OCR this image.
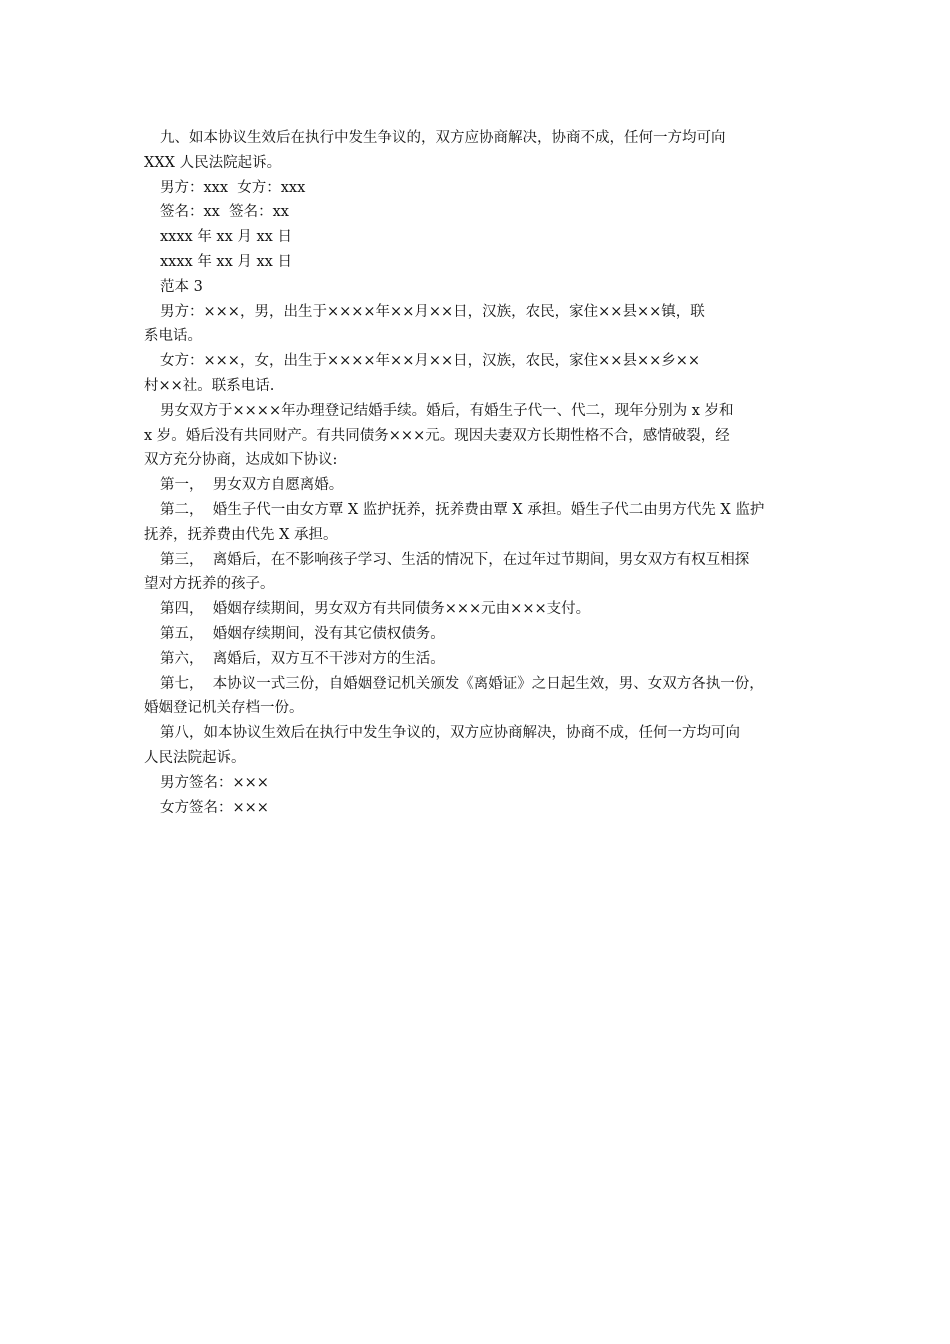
九、如本协议生效后在执行中发生争议的，双方应协商解决，协商不成，任何一方均可向
XXX 人民法院起诉。
男方：xxx  女方：xxx
签名：xx  签名：xx
xxxx 年 xx 月 xx 日
xxxx 年 xx 月 xx 日
范本 3
男方：×××，男，出生于××××年××月××日，汉族，农民，家住××县××镇，联
系电话。
女方：×××，女，出生于××××年××月××日，汉族，农民，家住××县××乡××
村××社。联系电话.
男女双方于××××年办理登记结婚手续。婚后，有婚生子代一、代二，现年分别为 x 岁和
x 岁。婚后没有共同财产。有共同债务×××元。现因夫妻双方长期性格不合，感情破裂，经
双方充分协商，达成如下协议:
第一，  男女双方自愿离婚。
第二，  婚生子代一由女方覃 X 监护抚养，抚养费由覃 X 承担。婚生子代二由男方代先 X 监护
抚养，抚养费由代先 X 承担。
第三，  离婚后，在不影响孩子学习、生活的情况下，在过年过节期间，男女双方有权互相探
望对方抚养的孩子。
第四，  婚姻存续期间，男女双方有共同债务×××元由×××支付。
第五，  婚姻存续期间，没有其它债权债务。
第六，  离婚后，双方互不干涉对方的生活。
第七，  本协议一式三份，自婚姻登记机关颁发《离婚证》之日起生效，男、女双方各执一份，
婚姻登记机关存档一份。
第八，如本协议生效后在执行中发生争议的，双方应协商解决，协商不成，任何一方均可向
人民法院起诉。
男方签名：×××
女方签名：×××
